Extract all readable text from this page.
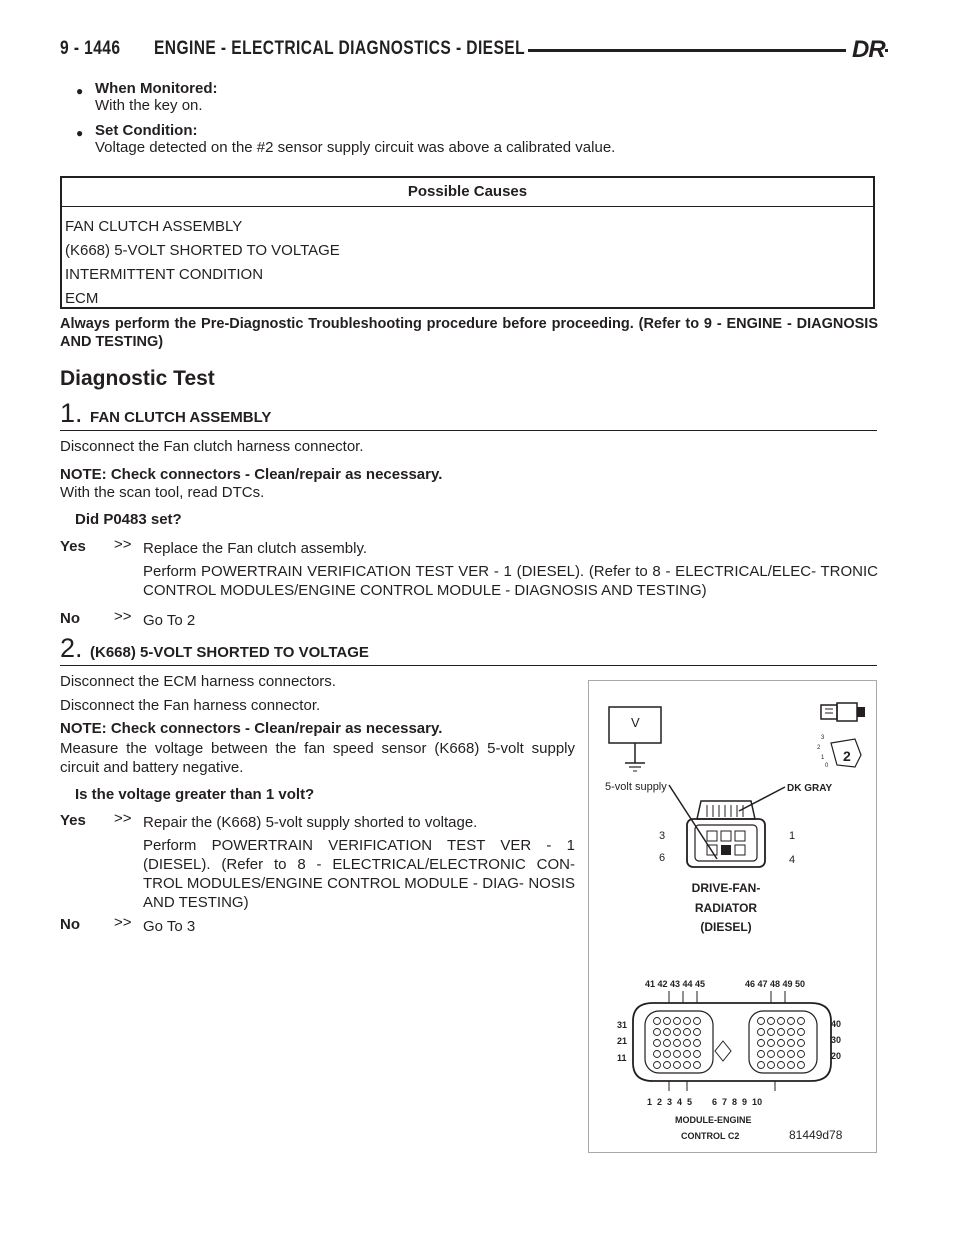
9 - 1446 ENGINE - ELECTRICAL DIAGNOSTICS - DIESEL	DR
● When Monitored:
With the key on.
● Set Condition:
Voltage detected on the #2 sensor supply circuit was above a calibrated value.
Possible Causes
FAN CLUTCH ASSEMBLY
(K668) 5-VOLT SHORTED TO VOLTAGE
INTERMITTENT CONDITION
ECM
Always perform the Pre-Diagnostic Troubleshooting procedure before proceeding. (Refer to 9 - ENGINE - DIAGNOSIS AND TESTING)
Diagnostic Test
1. FAN CLUTCH ASSEMBLY
Disconnect the Fan clutch harness connector.
NOTE: Check connectors - Clean/repair as necessary.
With the scan tool, read DTCs.
Did P0483 set?
Yes >> Replace the Fan clutch assembly.
Perform POWERTRAIN VERIFICATION TEST VER - 1 (DIESEL). (Refer to 8 - ELECTRICAL/ELEC- TRONIC CONTROL MODULES/ENGINE CONTROL MODULE - DIAGNOSIS AND TESTING)
No >> Go To 2
2. (K668) 5-VOLT SHORTED TO VOLTAGE
Disconnect the ECM harness connectors.
Disconnect the Fan harness connector.
NOTE: Check connectors - Clean/repair as necessary.
Measure the voltage between the fan speed sensor (K668) 5-volt supply circuit and battery negative.
Is the voltage greater than 1 volt?
Yes >> Repair the (K668) 5-volt supply shorted to voltage.
Perform POWERTRAIN VERIFICATION TEST VER - 1 (DIESEL). (Refer to 8 - ELECTRICAL/ELECTRONIC CON- TROL MODULES/ENGINE CONTROL MODULE - DIAG- NOSIS AND TESTING)
No >> Go To 3
V
3
2
1
0
2
5-volt supply	DK GRAY
3
6
1
4
DRIVE-FAN-
RADIATOR
(DIESEL)
41 42 43 44 45	46 47 48 49 50
31
21
11
40
30
20
1  2  3  4  5        6  7  8  9  10
MODULE-ENGINE
CONTROL C2	81449d78
